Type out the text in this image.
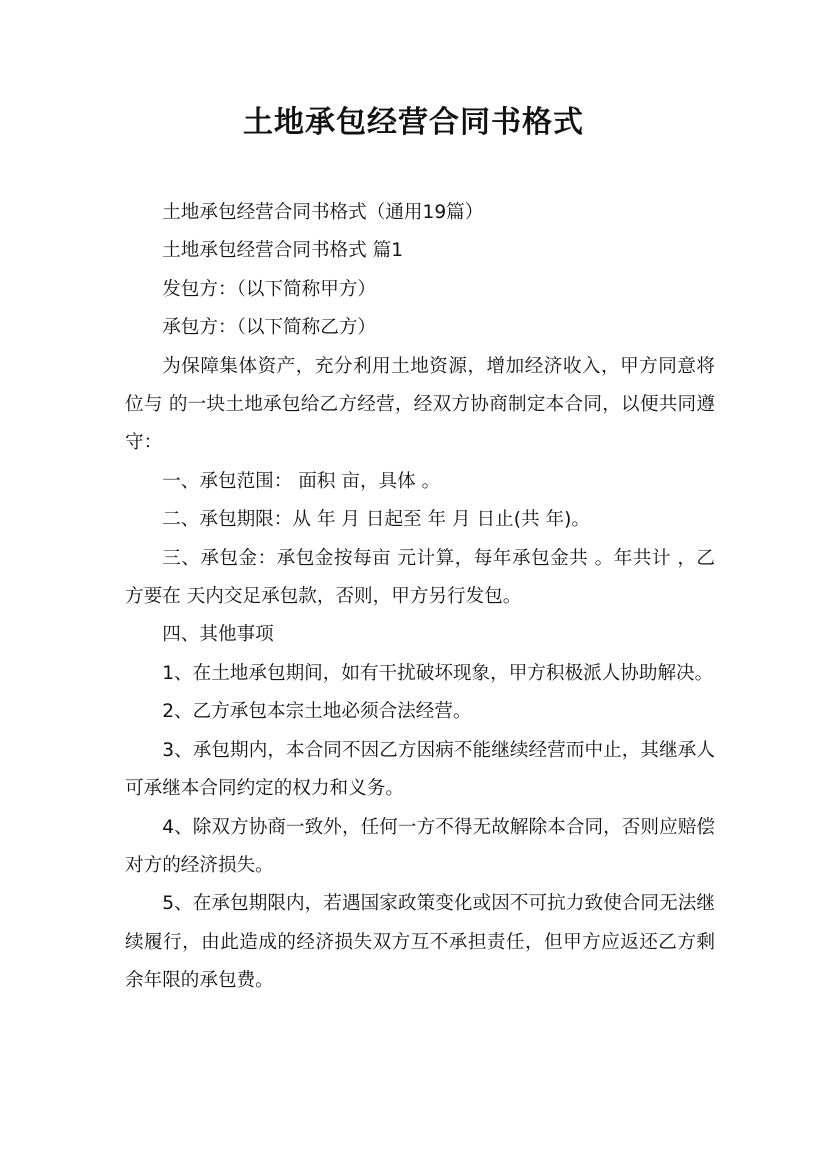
土地承包经营合同书格式

土地承包经营合同书格式（通用19篇）

土地承包经营合同书格式 篇1

发包方：（以下简称甲方）

承包方：（以下简称乙方）

为保障集体资产，充分利用土地资源，增加经济收入，甲方同意将位与 的一块土地承包给乙方经营，经双方协商制定本合同，以便共同遵守：

一、承包范围： 面积 亩，具体 。

二、承包期限：从 年 月 日起至 年 月 日止(共 年)。

三、承包金：承包金按每亩 元计算，每年承包金共 。年共计 ，乙方要在 天内交足承包款，否则，甲方另行发包。

四、其他事项

1、在土地承包期间，如有干扰破坏现象，甲方积极派人协助解决。

2、乙方承包本宗土地必须合法经营。

3、承包期内，本合同不因乙方因病不能继续经营而中止，其继承人可承继本合同约定的权力和义务。

4、除双方协商一致外，任何一方不得无故解除本合同，否则应赔偿对方的经济损失。

5、在承包期限内，若遇国家政策变化或因不可抗力致使合同无法继续履行，由此造成的经济损失双方互不承担责任，但甲方应返还乙方剩余年限的承包费。
